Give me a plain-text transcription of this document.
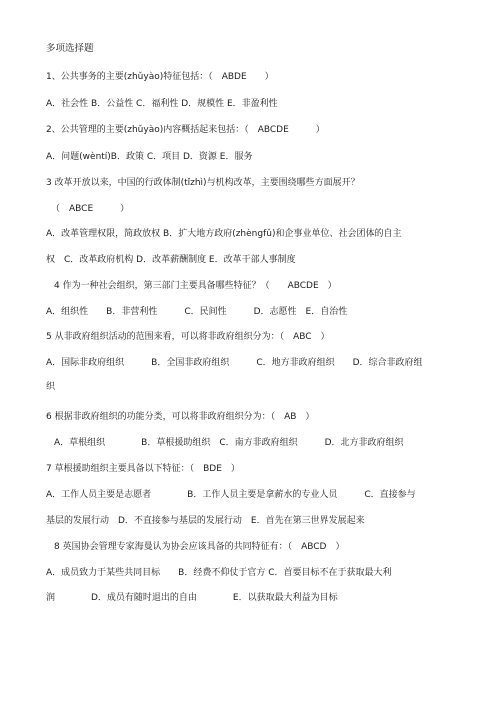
多项选择题
1、公共事务的主要(zhǔyào)特征包括：（　ABDE　　）
A．社会性 B．公益性 C．福利性 D．规模性 E．非盈利性
2、公共管理的主要(zhǔyào)内容概括起来包括：（　ABCDE　　　）
A．问题(wèntí)B．政策 C．项目 D．资源 E．服务
3 改革开放以来，中国的行政体制(tǐzhì)与机构改革，主要围绕哪些方面展开？
（　ABCE　　　）
A．改革管理权限，简政放权 B．扩大地方政府(zhèngfǔ)和企事业单位、社会团体的自主
权　C．改革政府机构 D．改革薪酬制度 E．改革干部人事制度
4 作为一种社会组织，第三部门主要具备哪些特征？（　　ABCDE　）
A．组织性　　B．非营利性　　　C．民间性　　　D．志愿性　E．自治性
5 从非政府组织活动的范围来看，可以将非政府组织分为：（　ABC　）
A．国际非政府组织　　　B．全国非政府组织　　　C．地方非政府组织　　D．综合非政府组
织
6 根据非政府组织的功能分类，可以将非政府组织分为：（　AB　）
A．草根组织　　　　B．草根援助组织　C．南方非政府组织　　　D．北方非政府组织
7 草根援助组织主要具备以下特征：（　BDE　）
A．工作人员主要是志愿者　　　　B．工作人员主要是拿薪水的专业人员　　　C．直接参与
基层的发展行动　D．不直接参与基层的发展行动　E．首先在第三世界发展起来
8 英国协会管理专家海曼认为协会应该具备的共同特征有：（　ABCD　）
A．成员致力于某些共同目标　　B．经费不仰仗于官方 C．首要目标不在于获取最大利
润　　　　D．成员有随时退出的自由　　　　E．以获取最大利益为目标
